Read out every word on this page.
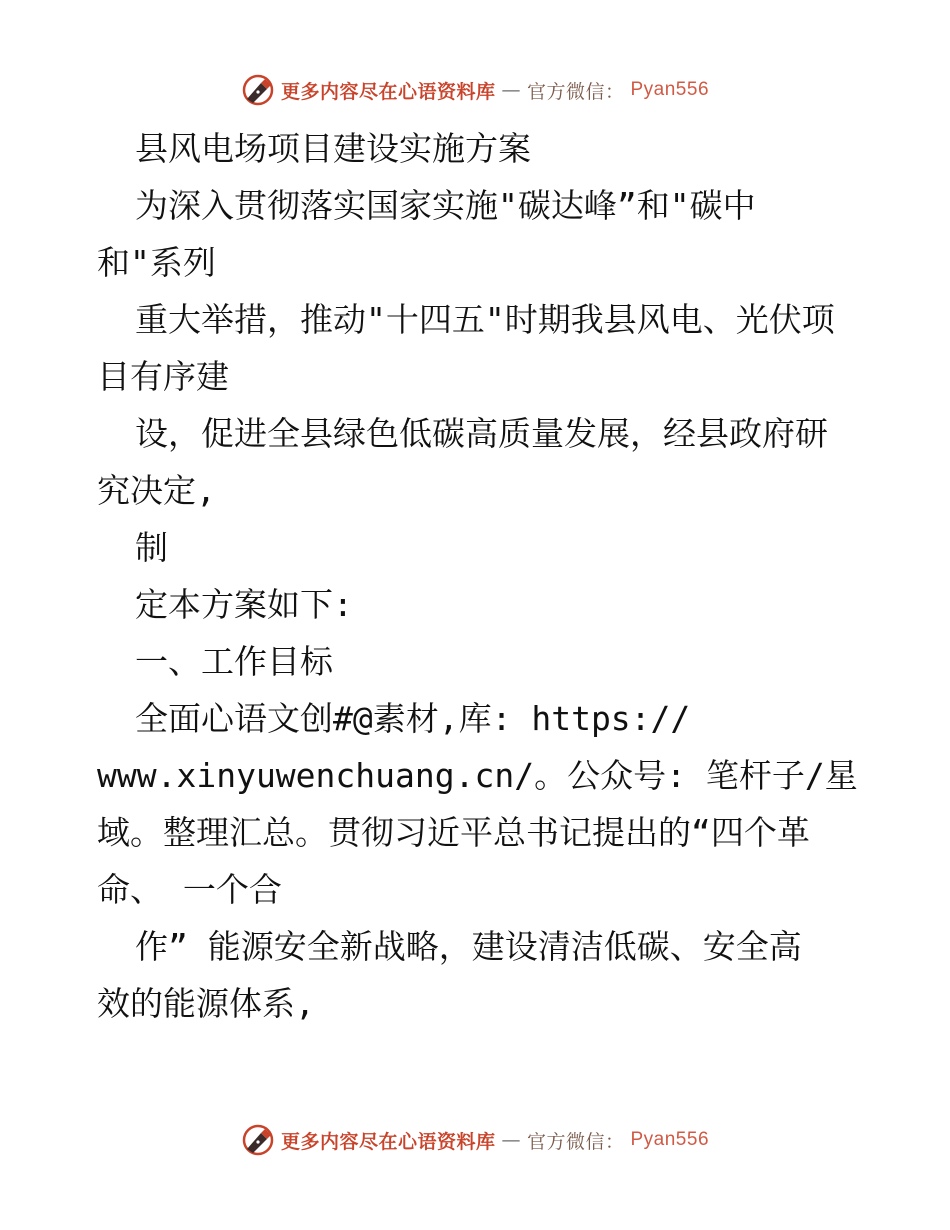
更多内容尽在心语资料库 — 官方微信： Pyan556
县风电场项目建设实施方案
为深入贯彻落实国家实施"碳达峰”和"碳中
和"系列
重大举措，推动"十四五"时期我县风电、光伏项
目有序建
设，促进全县绿色低碳高质量发展，经县政府研
究决定,
制
定本方案如下:
一、工作目标
全面心语文创#@素材,库: https://
www.xinyuwenchuang.cn/。公众号: 笔杆子/星
域。整理汇总。贯彻习近平总书记提出的“四个革
命、 一个合
作” 能源安全新战略，建设清洁低碳、安全高
效的能源体系,
更多内容尽在心语资料库 — 官方微信： Pyan556
